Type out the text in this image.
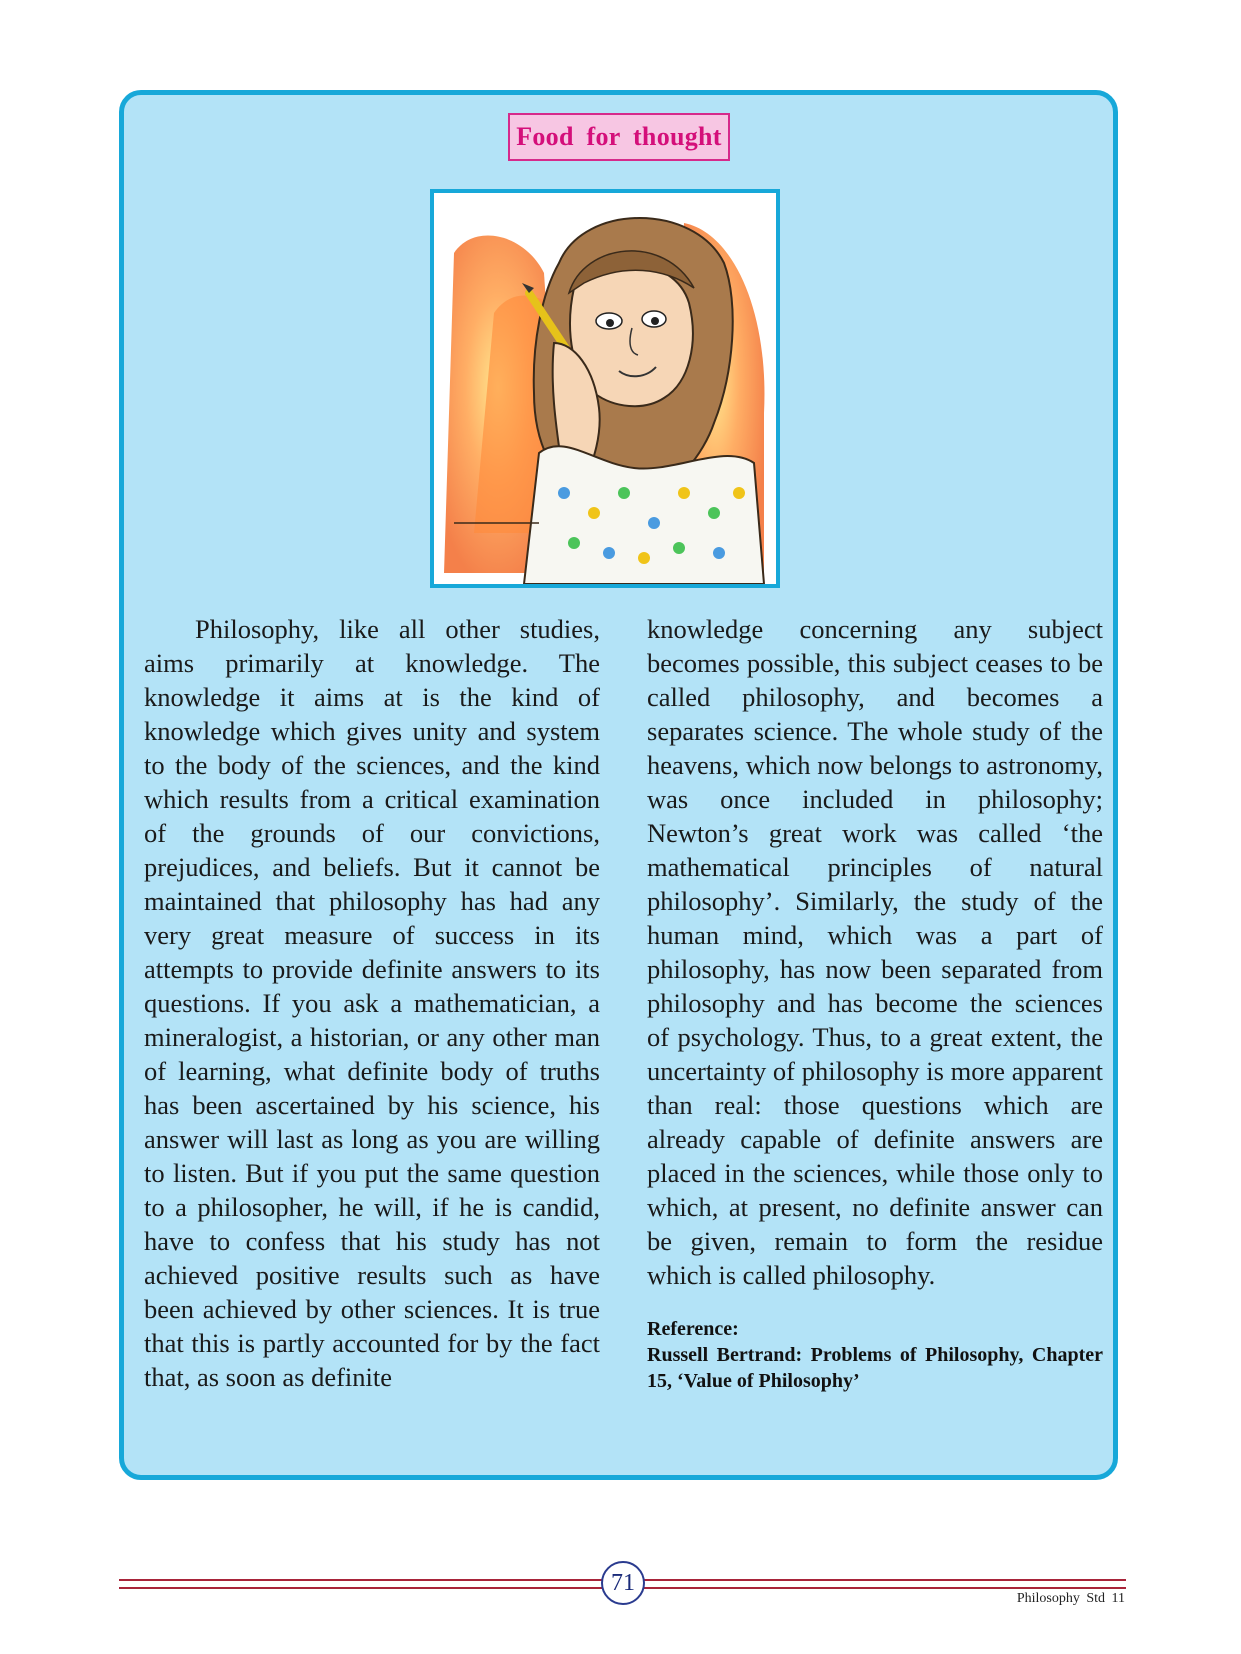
Food for thought

Philosophy, like all other studies, aims primarily at knowledge. The knowledge it aims at is the kind of knowledge which gives unity and system to the body of the sciences, and the kind which results from a critical examination of the grounds of our convictions, prejudices, and beliefs. But it cannot be maintained that philosophy has had any very great measure of success in its attempts to provide definite answers to its questions. If you ask a mathematician, a mineralogist, a historian, or any other man of learning, what definite body of truths has been ascertained by his science, his answer will last as long as you are willing to listen. But if you put the same question to a philosopher, he will, if he is candid, have to confess that his study has not achieved positive results such as have been achieved by other sciences. It is true that this is partly accounted for by the fact that, as soon as definite

knowledge concerning any subject becomes possible, this subject ceases to be called philosophy, and becomes a separates science. The whole study of the heavens, which now belongs to astronomy, was once included in philosophy; Newton’s great work was called ‘the mathematical principles of natural philosophy’. Similarly, the study of the human mind, which was a part of philosophy, has now been separated from philosophy and has become the sciences of psychology. Thus, to a great extent, the uncertainty of philosophy is more apparent than real: those questions which are already capable of definite answers are placed in the sciences, while those only to which, at present, no definite answer can be given, remain to form the residue which is called philosophy.

Reference:
Russell Bertrand: Problems of Philosophy, Chapter 15, ‘Value of Philosophy’
71
Philosophy Std 11
